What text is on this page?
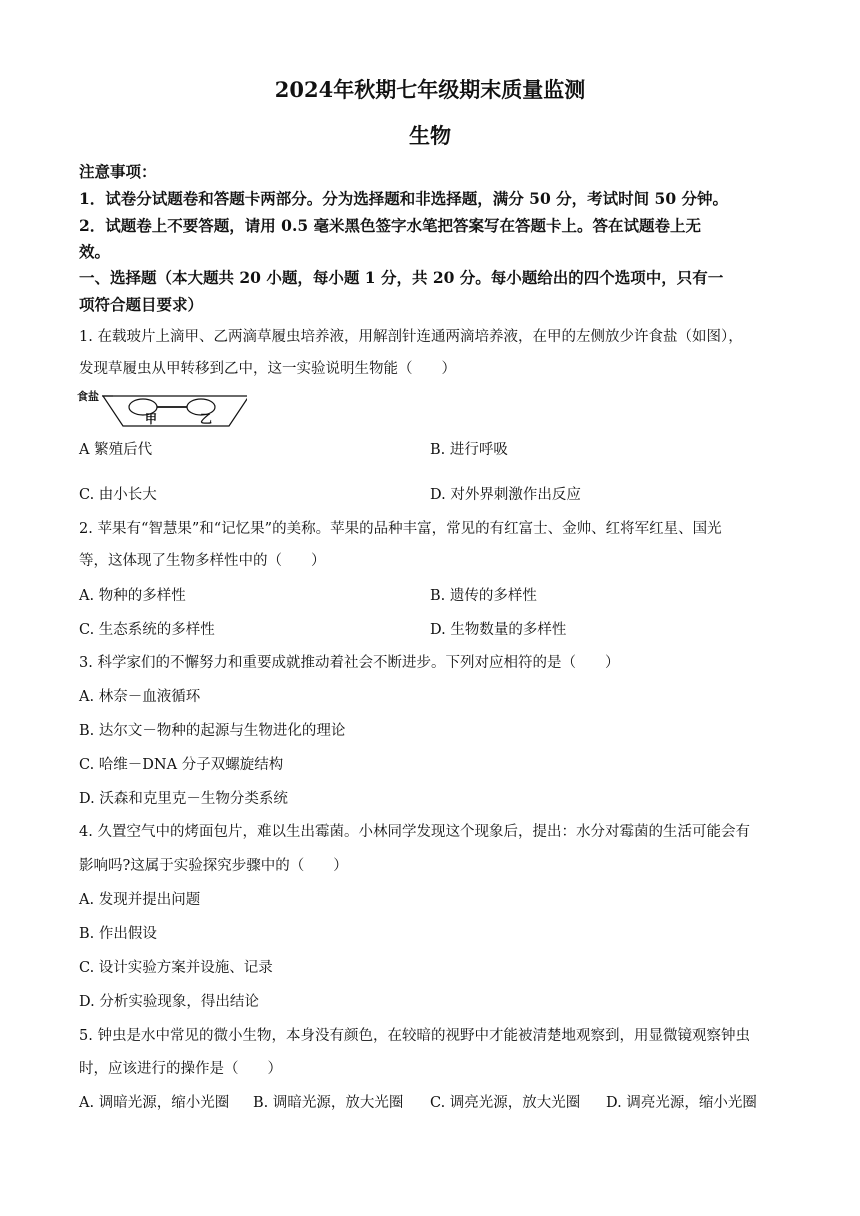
2024年秋期七年级期末质量监测
生物
注意事项：
1．试卷分试题卷和答题卡两部分。分为选择题和非选择题，满分 50 分，考试时间 50 分钟。
2．试题卷上不要答题，请用 0.5 毫米黑色签字水笔把答案写在答题卡上。答在试题卷上无
效。
一、选择题（本大题共 20 小题，每小题 1 分，共 20 分。每小题给出的四个选项中，只有一
项符合题目要求）
1. 在载玻片上滴甲、乙两滴草履虫培养液，用解剖针连通两滴培养液，在甲的左侧放少许食盐（如图），
发现草履虫从甲转移到乙中，这一实验说明生物能（　　）
食盐
甲	乙
A 繁殖后代	B. 进行呼吸
C. 由小长大	D. 对外界刺激作出反应
2. 苹果有“智慧果”和“记忆果”的美称。苹果的品种丰富，常见的有红富士、金帅、红将军红星、国光
等，这体现了生物多样性中的（　　）
A. 物种的多样性	B. 遗传的多样性
C. 生态系统的多样性	D. 生物数量的多样性
3. 科学家们的不懈努力和重要成就推动着社会不断进步。下列对应相符的是（　　）
A. 林奈－血液循环
B. 达尔文－物种的起源与生物进化的理论
C. 哈维－DNA 分子双螺旋结构
D. 沃森和克里克－生物分类系统
4. 久置空气中的烤面包片，难以生出霉菌。小林同学发现这个现象后，提出：水分对霉菌的生活可能会有
影响吗?这属于实验探究步骤中的（　　）
A. 发现并提出问题
B. 作出假设
C. 设计实验方案并设施、记录
D. 分析实验现象，得出结论
5. 钟虫是水中常见的微小生物，本身没有颜色，在较暗的视野中才能被清楚地观察到，用显微镜观察钟虫
时，应该进行的操作是（　　）
A. 调暗光源，缩小光圈 B. 调暗光源，放大光圈 C. 调亮光源，放大光圈 D. 调亮光源，缩小光圈
